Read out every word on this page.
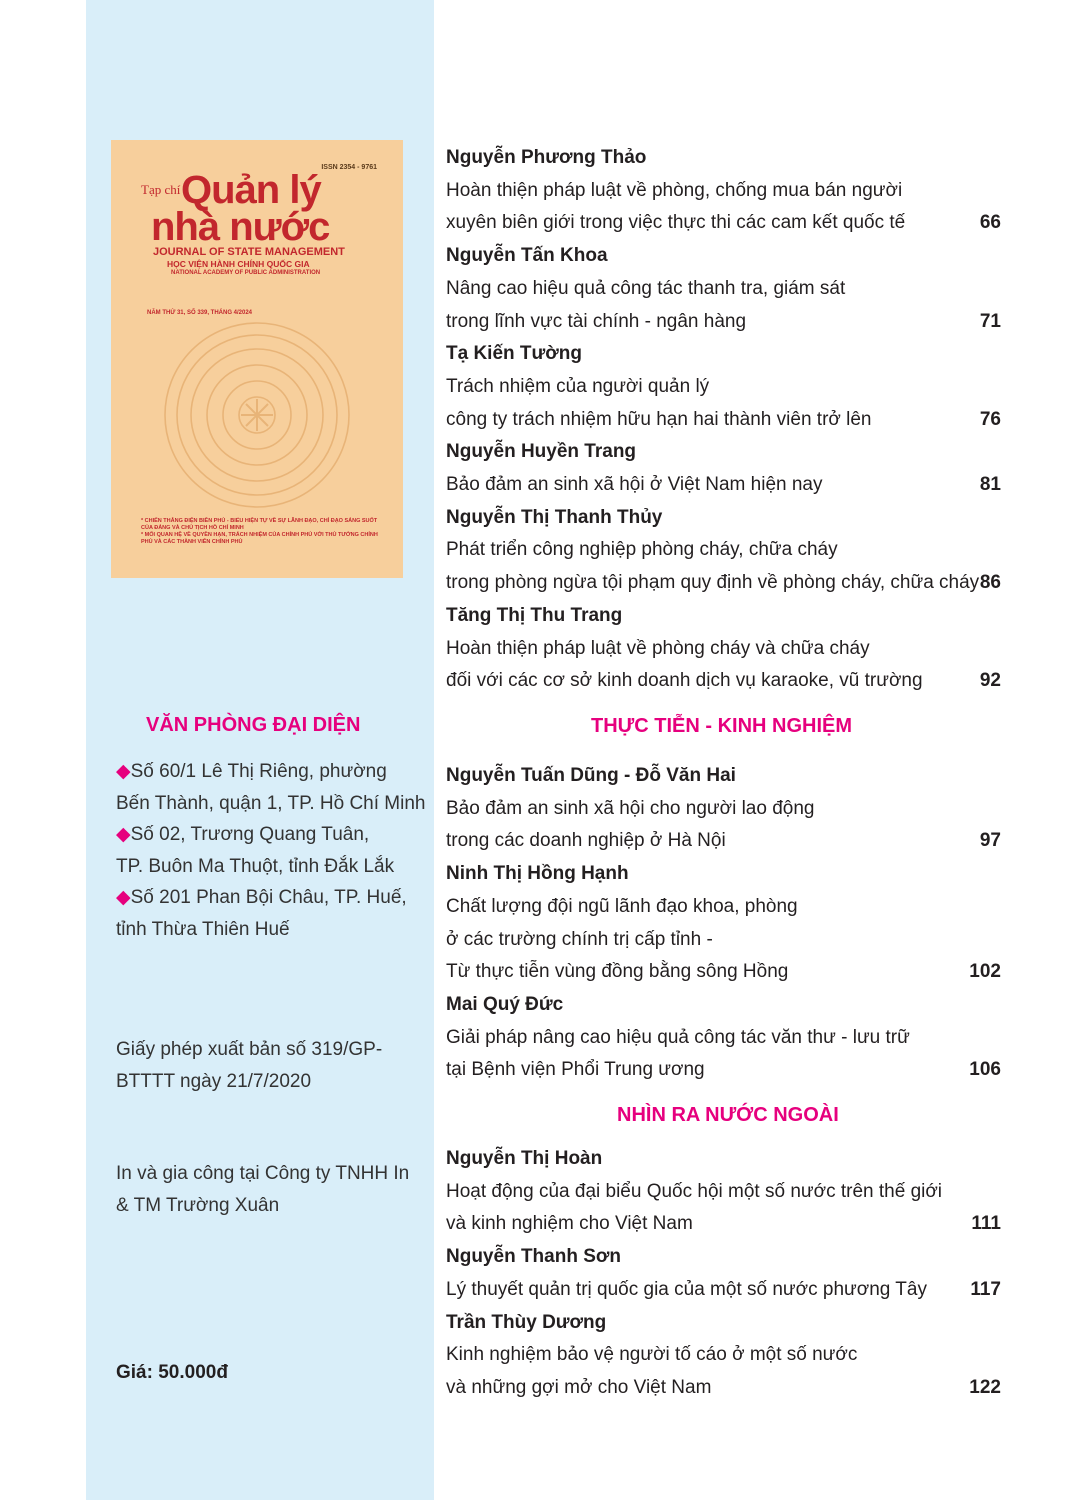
ISSN 2354 - 9761
Tạp chí Quản lý
nhà nước
JOURNAL OF STATE MANAGEMENT
HỌC VIỆN HÀNH CHÍNH QUỐC GIA
NATIONAL ACADEMY OF PUBLIC ADMINISTRATION
NĂM THỨ 31, SỐ 339, THÁNG 4/2024
* CHIẾN THẮNG ĐIỆN BIÊN PHỦ - BIỂU HIỆN TỰ VỀ SỰ LÃNH ĐẠO, CHỈ ĐẠO SÁNG SUỐT CỦA ĐẢNG VÀ CHỦ TỊCH HỒ CHÍ MINH
* MỐI QUAN HỆ VỀ QUYỀN HẠN, TRÁCH NHIỆM CỦA CHÍNH PHỦ VỚI THỦ TƯỚNG CHÍNH PHỦ VÀ CÁC THÀNH VIÊN CHÍNH PHỦ
VĂN PHÒNG ĐẠI DIỆN
◆Số 60/1 Lê Thị Riêng, phường
Bến Thành, quận 1, TP. Hồ Chí Minh
◆Số 02, Trương Quang Tuân,
TP. Buôn Ma Thuột, tỉnh Đắk Lắk
◆Số 201 Phan Bội Châu, TP. Huế,
tỉnh Thừa Thiên Huế
Giấy phép xuất bản số 319/GP-
BTTTT ngày 21/7/2020
In và gia công tại Công ty TNHH In
& TM Trường Xuân
Giá: 50.000đ
Nguyễn Phương Thảo
Hoàn thiện pháp luật về phòng, chống mua bán người
xuyên biên giới trong việc thực thi các cam kết quốc tế	66
Nguyễn Tấn Khoa
Nâng cao hiệu quả công tác thanh tra, giám sát
trong lĩnh vực tài chính - ngân hàng	71
Tạ Kiến Tường
Trách nhiệm của người quản lý
công ty trách nhiệm hữu hạn hai thành viên trở lên	76
Nguyễn Huyền Trang
Bảo đảm an sinh xã hội ở Việt Nam hiện nay	81
Nguyễn Thị Thanh Thủy
Phát triển công nghiệp phòng cháy, chữa cháy
trong phòng ngừa tội phạm quy định về phòng cháy, chữa cháy 86
Tăng Thị Thu Trang
Hoàn thiện pháp luật về phòng cháy và chữa cháy
đối với các cơ sở kinh doanh dịch vụ karaoke, vũ trường	92
Nguyễn Tuấn Dũng - Đỗ Văn Hai
Bảo đảm an sinh xã hội cho người lao động
trong các doanh nghiệp ở Hà Nội	97
Ninh Thị Hồng Hạnh
Chất lượng đội ngũ lãnh đạo khoa, phòng
ở các trường chính trị cấp tỉnh -
Từ thực tiễn vùng đồng bằng sông Hồng	102
Mai Quý Đức
Giải pháp nâng cao hiệu quả công tác văn thư - lưu trữ
tại Bệnh viện Phổi Trung ương	106
Nguyễn Thị Hoàn
Hoạt động của đại biểu Quốc hội một số nước trên thế giới
và kinh nghiệm cho Việt Nam	111
Nguyễn Thanh Sơn
Lý thuyết quản trị quốc gia của một số nước phương Tây 117
Trần Thùy Dương
Kinh nghiệm bảo vệ người tố cáo ở một số nước
và những gợi mở cho Việt Nam	122
THỰC TIỄN - KINH NGHIỆM
NHÌN RA NƯỚC NGOÀI
